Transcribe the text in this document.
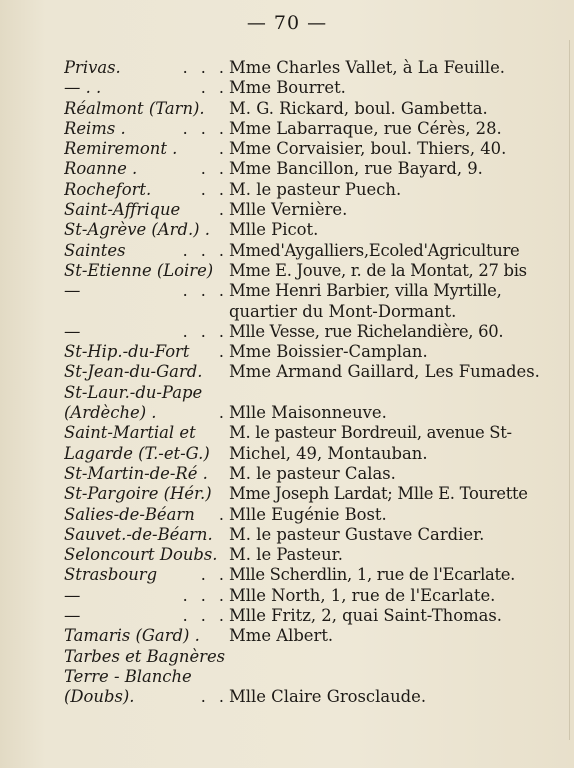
— 70 —
Privas.	. . . Mme Charles Vallet, à La Feuille.
— . .	. . Mme Bourret.
Réalmont (Tarn).	M. G. Rickard, boul. Gambetta.
Reims .	. . . Mme Labarraque, rue Cérès, 28.
Remiremont .	. Mme Corvaisier, boul. Thiers, 40.
Roanne .	. . Mme Bancillon, rue Bayard, 9.
Rochefort.	. . M. le pasteur Puech.
Saint-Affrique	. Mlle Vernière.
St-Agrève (Ard.) .	Mlle Picot.
Saintes	. . . Mmed'Aygalliers,Ecoled'Agriculture
St-Etienne (Loire) Mme E. Jouve, r. de la Montat, 27 bis
—	. . . Mme Henri Barbier, villa Myrtille,
quartier du Mont-Dormant.
—	. . . Mlle Vesse, rue Richelandière, 60.
St-Hip.-du-Fort	. Mme Boissier-Camplan.
St-Jean-du-Gard.	Mme Armand Gaillard, Les Fumades.
St-Laur.-du-Pape
(Ardèche) .	. Mlle Maisonneuve.
Saint-Martial et	M. le pasteur Bordreuil, avenue St-
Lagarde (T.-et-G.)	Michel, 49, Montauban.
St-Martin-de-Ré .	M. le pasteur Calas.
St-Pargoire (Hér.)	Mme Joseph Lardat; Mlle E. Tourette
Salies-de-Béarn	. Mlle Eugénie Bost.
Sauvet.-de-Béarn. M. le pasteur Gustave Cardier.
Seloncourt Doubs. M. le Pasteur.
Strasbourg	. . Mlle Scherdlin, 1, rue de l'Ecarlate.
—	. . . Mlle North, 1, rue de l'Ecarlate.
—	. . . Mlle Fritz, 2, quai Saint-Thomas.
Tamaris (Gard) .	Mme Albert.
Tarbes et Bagnères
Terre - Blanche
(Doubs).	. . Mlle Claire Grosclaude.
